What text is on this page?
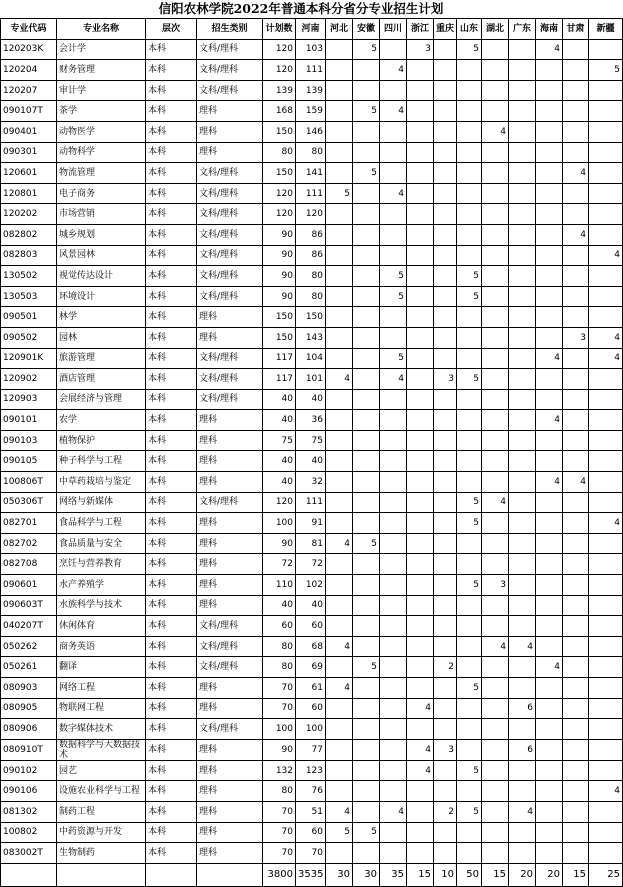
信阳农林学院2022年普通本科分省分专业招生计划
专业代码	专业名称	层次	招生类别	计划数	河南	河北	安徽	四川	浙江	重庆	山东	湖北	广东	海南	甘肃	新疆
120203K	会计学	本科	文科/理科	120	103		5		3		5			4		
120204	财务管理	本科	文科/理科	120	111			4								5
120207	审计学	本科	文科/理科	139	139											
090107T	茶学	本科	理科	168	159		5	4								
090401	动物医学	本科	理科	150	146							4				
090301	动物科学	本科	理科	80	80											
120601	物流管理	本科	文科/理科	150	141		5								4	
120801	电子商务	本科	文科/理科	120	111	5		4								
120202	市场营销	本科	文科/理科	120	120											
082802	城乡规划	本科	文科/理科	90	86										4	
082803	风景园林	本科	文科/理科	90	86											4
130502	视觉传达设计	本科	文科/理科	90	80			5			5					
130503	环境设计	本科	文科/理科	90	80			5			5					
090501	林学	本科	理科	150	150											
090502	园林	本科	理科	150	143										3	4
120901K	旅游管理	本科	文科/理科	117	104			5						4		4
120902	酒店管理	本科	文科/理科	117	101	4		4		3	5					
120903	会展经济与管理	本科	文科/理科	40	40											
090101	农学	本科	理科	40	36									4		
090103	植物保护	本科	理科	75	75											
090105	种子科学与工程	本科	理科	40	40											
100806T	中草药栽培与鉴定	本科	理科	40	32									4	4	
050306T	网络与新媒体	本科	文科/理科	120	111						5	4				
082701	食品科学与工程	本科	理科	100	91						5					4
082702	食品质量与安全	本科	理科	90	81	4	5									
082708	烹饪与营养教育	本科	理科	72	72											
090601	水产养殖学	本科	理科	110	102						5	3				
090603T	水族科学与技术	本科	理科	40	40											
040207T	休闲体育	本科	文科/理科	60	60											
050262	商务英语	本科	文科/理科	80	68	4						4	4			
050261	翻译	本科	文科/理科	80	69		5			2				4		
080903	网络工程	本科	理科	70	61	4					5					
080905	物联网工程	本科	理科	70	60				4				6			
080906	数字媒体技术	本科	文科/理科	100	100											
080910T	数据科学与大数据技术	本科	理科	90	77				4	3			6			
090102	园艺	本科	理科	132	123				4		5					
090106	设施农业科学与工程	本科	理科	80	76											4
081302	制药工程	本科	理科	70	51	4		4		2	5		4			
100802	中药资源与开发	本科	理科	70	60	5	5									
083002T	生物制药	本科	理科	70	70											
				3800	3535	30	30	35	15	10	50	15	20	20	15	25
